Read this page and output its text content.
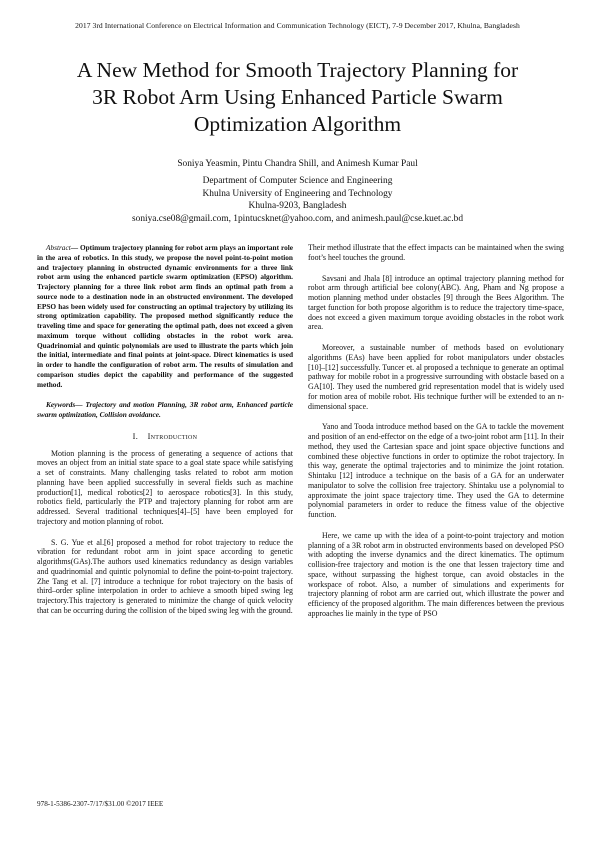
2017 3rd International Conference on Electrical Information and Communication Technology (EICT), 7-9 December 2017, Khulna, Bangladesh
A New Method for Smooth Trajectory Planning for
3R Robot Arm Using Enhanced Particle Swarm
Optimization Algorithm
Soniya Yeasmin, Pintu Chandra Shill, and Animesh Kumar Paul
Department of Computer Science and Engineering
Khulna University of Engineering and Technology
Khulna-9203, Bangladesh
soniya.cse08@gmail.com, 1pintucsknet@yahoo.com, and animesh.paul@cse.kuet.ac.bd
Abstract— Optimum trajectory planning for robot arm plays an important role in the area of robotics. In this study, we propose the novel point-to-point motion and trajectory planning in obstructed dynamic environments for a three link robot arm using the enhanced particle swarm optimization (EPSO) algorithm. Trajectory planning for a three link robot arm finds an optimal path from a source node to a destination node in an obstructed environment. The developed EPSO has been widely used for constructing an optimal trajectory by utilizing its strong optimization capability. The proposed method significantly reduce the traveling time and space for generating the optimal path, does not exceed a given maximum torque without colliding obstacles in the robot work area. Quadrinomial and quintic polynomials are used to illustrate the parts which join the initial, intermediate and final points at joint-space. Direct kinematics is used in order to handle the configuration of robot arm. The results of simulation and comparison studies depict the capability and performance of the suggested method.
Keywords— Trajectory and motion Planning, 3R robot arm, Enhanced particle swarm optimization, Collision avoidance.
I. Introduction

Motion planning is the process of generating a sequence of actions that moves an object from an initial state space to a goal state space while satisfying a set of constraints. Many challenging tasks related to robot arm motion planning have been applied successfully in several fields such as machine production[1], medical robotics[2] to aerospace robotics[3]. In this study, robotics field, particularly the PTP and trajectory planning for robot arm are addressed. Several traditional techniques[4]–[5] have been employed for trajectory and motion planning of robot.

S. G. Yue et al.[6] proposed a method for robot trajectory to reduce the vibration for redundant robot arm in joint space according to genetic algorithms(GAs).The authors used kinematics redundancy as design variables and quadrinomial and quintic polynomial to define the point-to-point trajectory. Zhe Tang et al. [7] introduce a technique for robot trajectory on the basis of third–order spline interpolation in order to achieve a smooth biped swing leg trajectory.This trajectory is generated to minimize the change of quick velocity that can be occurring during the collision of the biped swing leg with the ground.

Their method illustrate that the effect impacts can be maintained when the swing foot’s heel touches the ground.

Savsani and Jhala [8] introduce an optimal trajectory planning method for robot arm through artificial bee colony(ABC). Ang, Pham and Ng propose a motion planning method under obstacles [9] through the Bees Algorithm. The target function for both propose algorithm is to reduce the trajectory time-space, does not exceed a given maximum torque avoiding obstacles in the robot work area.

Moreover, a sustainable number of methods based on evolutionary algorithms (EAs) have been applied for robot manipulators under obstacles [10]–[12] successfully. Tuncer et. al proposed a technique to generate an optimal pathway for mobile robot in a progressive surrounding with obstacle based on a GA[10]. They used the numbered grid representation model that is widely used for motion area of mobile robot. His technique further will be extended to an n-dimensional space.

Yano and Tooda introduce method based on the GA to tackle the movement and position of an end-effector on the edge of a two-joint robot arm [11]. In their method, they used the Cartesian space and joint space objective functions and combined these objective functions in order to optimize the robot trajectory. In this way, generate the optimal trajectories and to minimize the joint rotation. Shintaku [12] introduce a technique on the basis of a GA for an underwater manipulator to solve the collision free trajectory. Shintaku use a polynomial to approximate the joint space trajectory time. They used the GA to determine polynomial parameters in order to reduce the fitness value of the objective function.

Here, we came up with the idea of a point-to-point trajectory and motion planning of a 3R robot arm in obstructed environments based on developed PSO with adopting the inverse dynamics and the direct kinematics. The optimum collision-free trajectory and motion is the one that lessen trajectory time and space, without surpassing the highest torque, can avoid obstacles in the workspace of robot. Also, a number of simulations and experiments for trajectory planning of robot arm are carried out, which illustrate the power and efficiency of the proposed algorithm. The main differences between the previous approaches lie mainly in the type of PSO

978-1-5386-2307-7/17/$31.00 ©2017 IEEE
